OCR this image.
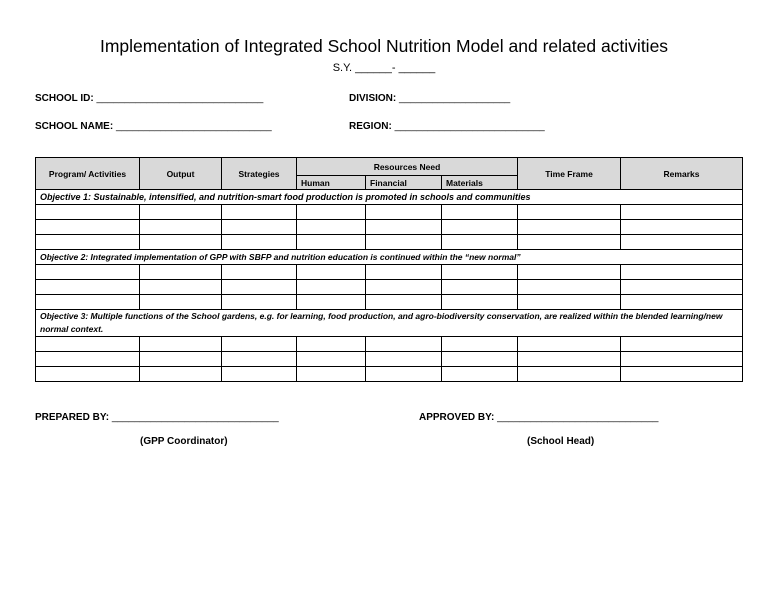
Implementation of Integrated School Nutrition Model and related activities
S.Y. ______- ______
SCHOOL ID: ______________________________	DIVISION: ____________________
SCHOOL NAME: ____________________________	REGION: ___________________________
Program/ Activities	Output	Strategies	Resources Need			Time Frame	Remarks
			Human	Financial	Materials		
Objective 1: Sustainable, intensified, and nutrition-smart food production is promoted in schools and communities							

Objective 2: Integrated implementation of GPP with SBFP and nutrition education is continued within the “new normal”							

Objective 3: Multiple functions of the School gardens, e.g. for learning, food production, and agro-biodiversity conservation, are realized within the blended learning/new normal context.							

PREPARED BY: ______________________________
(GPP Coordinator)
APPROVED BY: _____________________________
(School Head)
